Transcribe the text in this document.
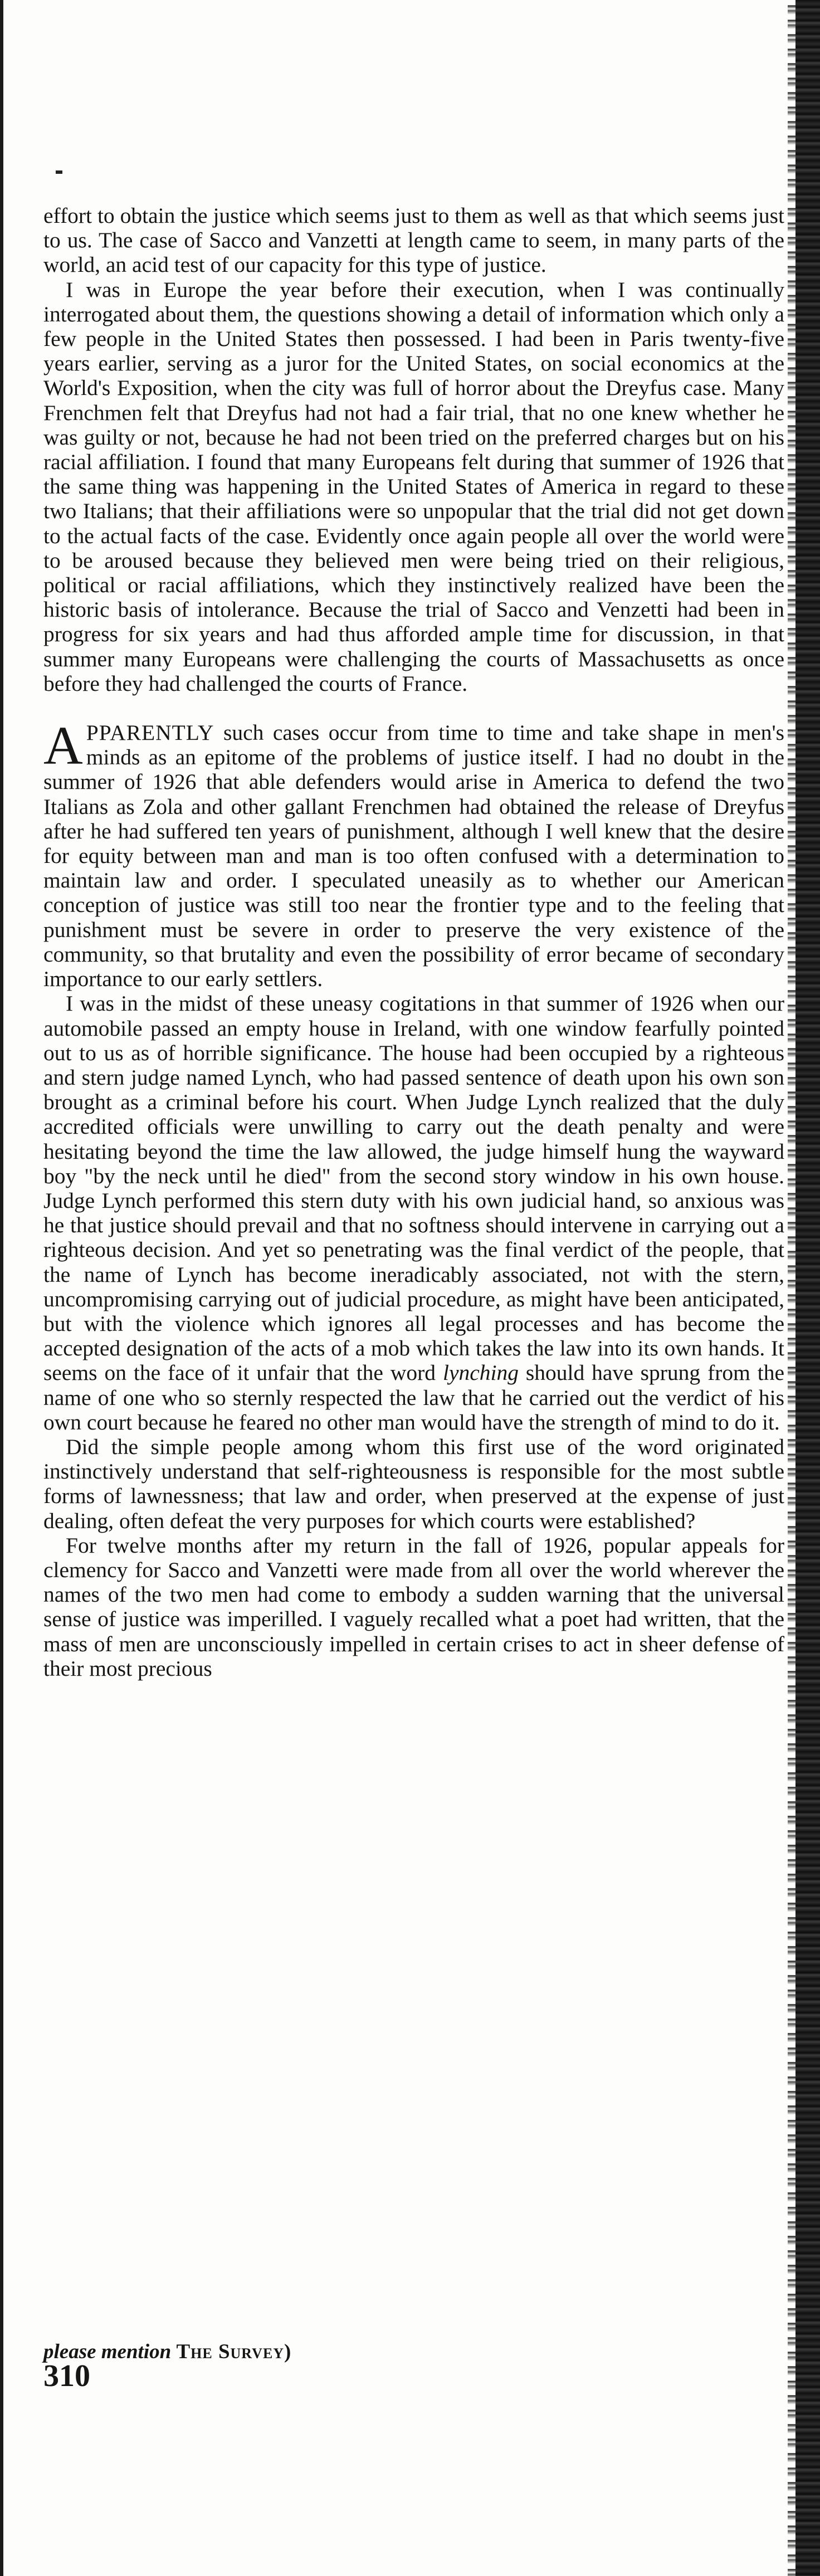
effort to obtain the justice which seems just to them as well as that which seems just to us. The case of Sacco and Vanzetti at length came to seem, in many parts of the world, an acid test of our capacity for this type of justice.

I was in Europe the year before their execution, when I was continually interrogated about them, the questions showing a detail of information which only a few people in the United States then possessed. I had been in Paris twenty-five years earlier, serving as a juror for the United States, on social economics at the World's Exposition, when the city was full of horror about the Dreyfus case. Many Frenchmen felt that Dreyfus had not had a fair trial, that no one knew whether he was guilty or not, because he had not been tried on the preferred charges but on his racial affiliation. I found that many Europeans felt during that summer of 1926 that the same thing was happening in the United States of America in regard to these two Italians; that their affiliations were so unpopular that the trial did not get down to the actual facts of the case. Evidently once again people all over the world were to be aroused because they believed men were being tried on their religious, political or racial affiliations, which they instinctively realized have been the historic basis of intolerance. Because the trial of Sacco and Venzetti had been in progress for six years and had thus afforded ample time for discussion, in that summer many Europeans were challenging the courts of Massachusetts as once before they had challenged the courts of France.

APPARENTLY such cases occur from time to time and take shape in men's minds as an epitome of the problems of justice itself. I had no doubt in the summer of 1926 that able defenders would arise in America to defend the two Italians as Zola and other gallant Frenchmen had obtained the release of Dreyfus after he had suffered ten years of punishment, although I well knew that the desire for equity between man and man is too often confused with a determination to maintain law and order. I speculated uneasily as to whether our American conception of justice was still too near the frontier type and to the feeling that punishment must be severe in order to preserve the very existence of the community, so that brutality and even the possibility of error became of secondary importance to our early settlers.

I was in the midst of these uneasy cogitations in that summer of 1926 when our automobile passed an empty house in Ireland, with one window fearfully pointed out to us as of horrible significance. The house had been occupied by a righteous and stern judge named Lynch, who had passed sentence of death upon his own son brought as a criminal before his court. When Judge Lynch realized that the duly accredited officials were unwilling to carry out the death penalty and were hesitating beyond the time the law allowed, the judge himself hung the wayward boy "by the neck until he died" from the second story window in his own house. Judge Lynch performed this stern duty with his own judicial hand, so anxious was he that justice should prevail and that no softness should intervene in carrying out a righteous decision. And yet so penetrating was the final verdict of the people, that the name of Lynch has become ineradicably associated, not with the stern, uncompromising carrying out of judicial procedure, as might have been anticipated, but with the violence which ignores all legal processes and has become the accepted designation of the acts of a mob which takes the law into its own hands. It seems on the face of it unfair that the word lynching should have sprung from the name of one who so sternly respected the law that he carried out the verdict of his own court because he feared no other man would have the strength of mind to do it.

Did the simple people among whom this first use of the word originated instinctively understand that self-righteousness is responsible for the most subtle forms of lawnessness; that law and order, when preserved at the expense of just dealing, often defeat the very purposes for which courts were established?

For twelve months after my return in the fall of 1926, popular appeals for clemency for Sacco and Vanzetti were made from all over the world wherever the names of the two men had come to embody a sudden warning that the universal sense of justice was imperilled. I vaguely recalled what a poet had written, that the mass of men are unconsciously impelled in certain crises to act in sheer defense of their most precious

please mention The Survey)
310
